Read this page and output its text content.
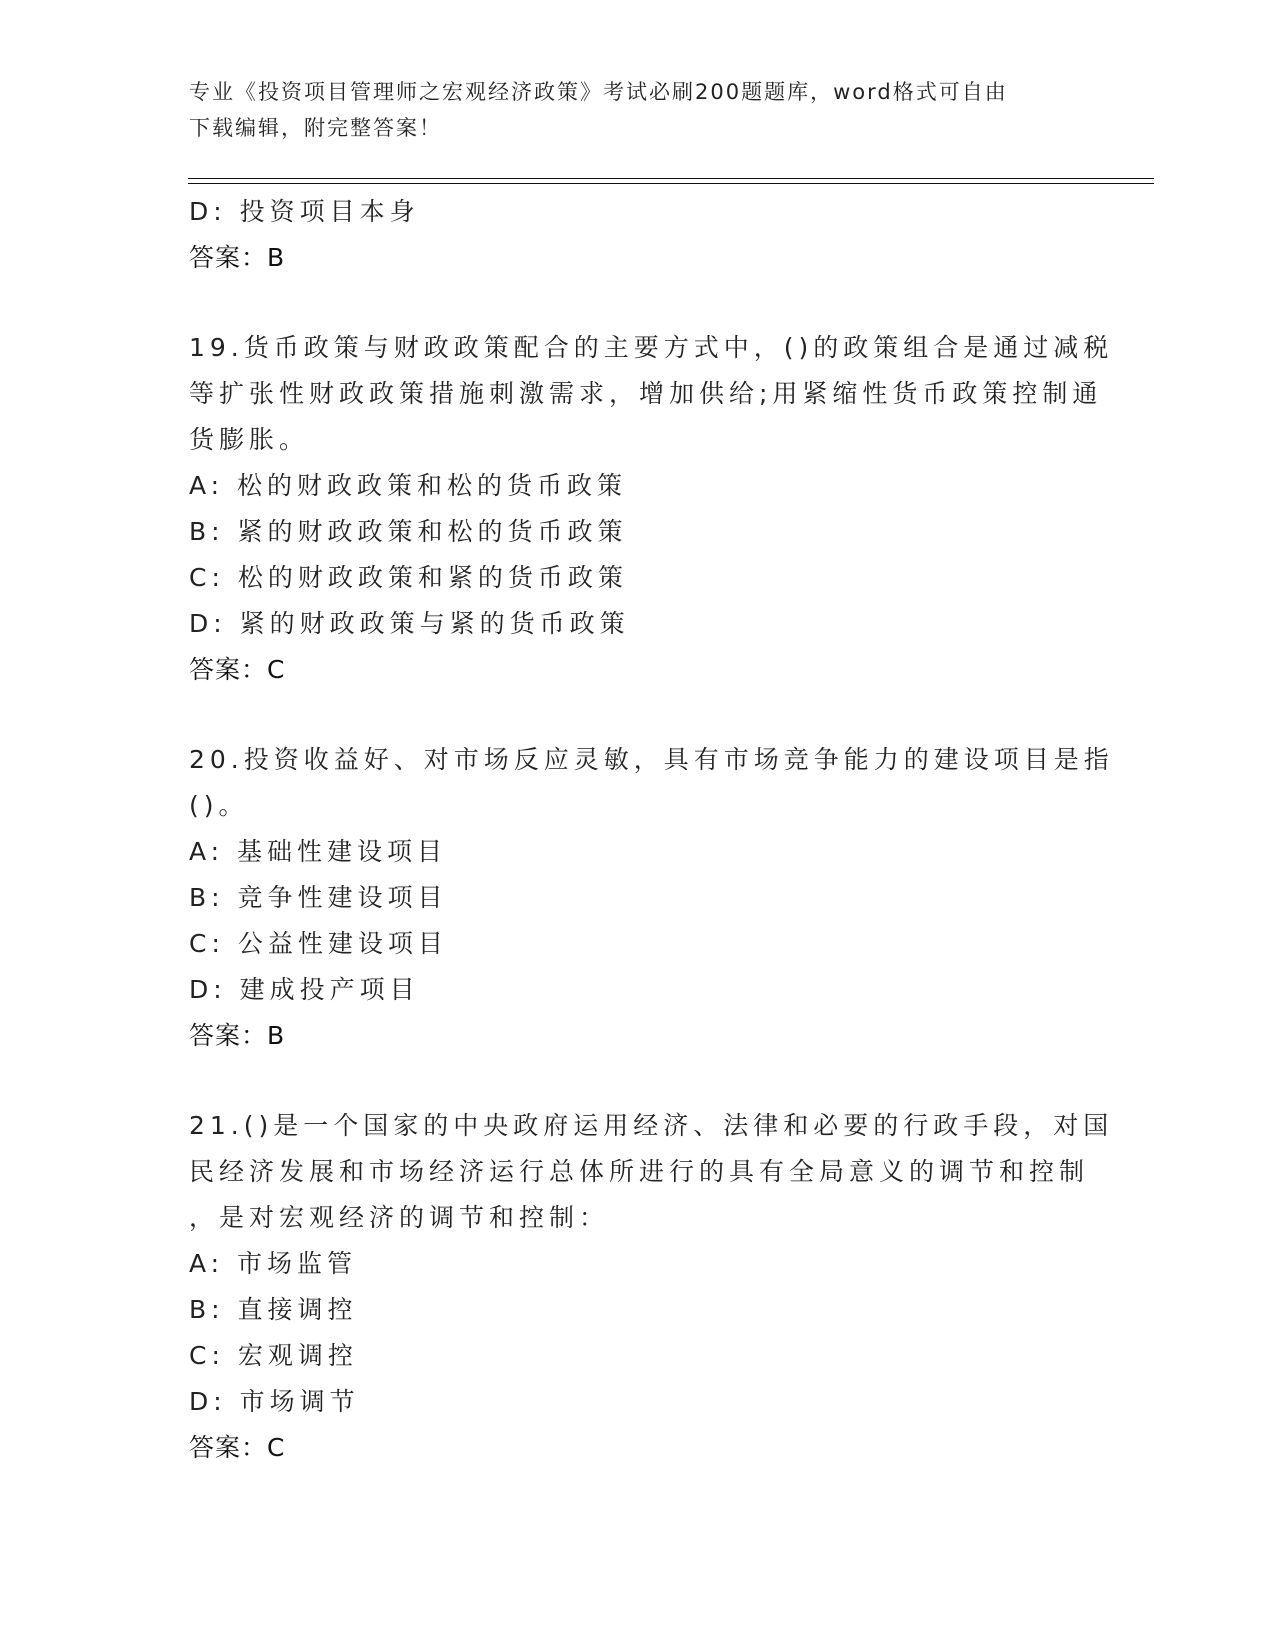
专业《投资项目管理师之宏观经济政策》考试必刷200题题库，word格式可自由
下载编辑，附完整答案！
D: 投资项目本身
答案：B
19.货币政策与财政政策配合的主要方式中，()的政策组合是通过减税
等扩张性财政政策措施刺激需求，增加供给;用紧缩性货币政策控制通
货膨胀。
A: 松的财政政策和松的货币政策
B: 紧的财政政策和松的货币政策
C: 松的财政政策和紧的货币政策
D: 紧的财政政策与紧的货币政策
答案：C
20.投资收益好、对市场反应灵敏，具有市场竞争能力的建设项目是指
()。
A: 基础性建设项目
B: 竞争性建设项目
C: 公益性建设项目
D: 建成投产项目
答案：B
21.()是一个国家的中央政府运用经济、法律和必要的行政手段，对国
民经济发展和市场经济运行总体所进行的具有全局意义的调节和控制
，是对宏观经济的调节和控制：
A: 市场监管
B: 直接调控
C: 宏观调控
D: 市场调节
答案：C
